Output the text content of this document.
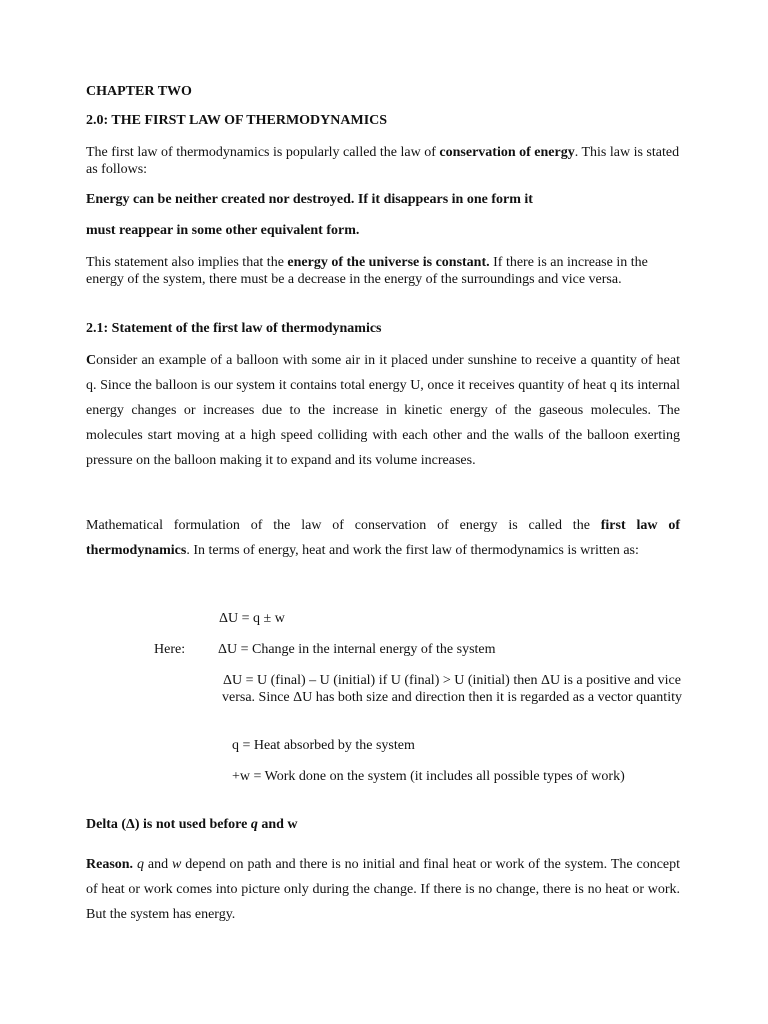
CHAPTER TWO

2.0: THE FIRST LAW OF THERMODYNAMICS

The first law of thermodynamics is popularly called the law of conservation of energy. This law is stated as follows:

Energy can be neither created nor destroyed. If it disappears in one form it

must reappear in some other equivalent form.

This statement also implies that the energy of the universe is constant. If there is an increase in the energy of the system, there must be a decrease in the energy of the surroundings and vice versa.

2.1: Statement of the first law of thermodynamics

Consider an example of a balloon with some air in it placed under sunshine to receive a quantity of heat q. Since the balloon is our system it contains total energy U, once it receives quantity of heat q its internal energy changes or increases due to the increase in kinetic energy of the gaseous molecules. The molecules start moving at a high speed colliding with each other and the walls of the balloon exerting pressure on the balloon making it to expand and its volume increases.

Mathematical formulation of the law of conservation of energy is called the first law of thermodynamics. In terms of energy, heat and work the first law of thermodynamics is written as:

ΔU = q ± w

Here: ΔU = Change in the internal energy of the system

ΔU = U (final) – U (initial) if U (final) > U (initial) then ΔU is a positive and vice versa. Since ΔU has both size and direction then it is regarded as a vector quantity

q = Heat absorbed by the system

+w = Work done on the system (it includes all possible types of work)

Delta (Δ) is not used before q and w

Reason. q and w depend on path and there is no initial and final heat or work of the system. The concept of heat or work comes into picture only during the change. If there is no change, there is no heat or work. But the system has energy.
